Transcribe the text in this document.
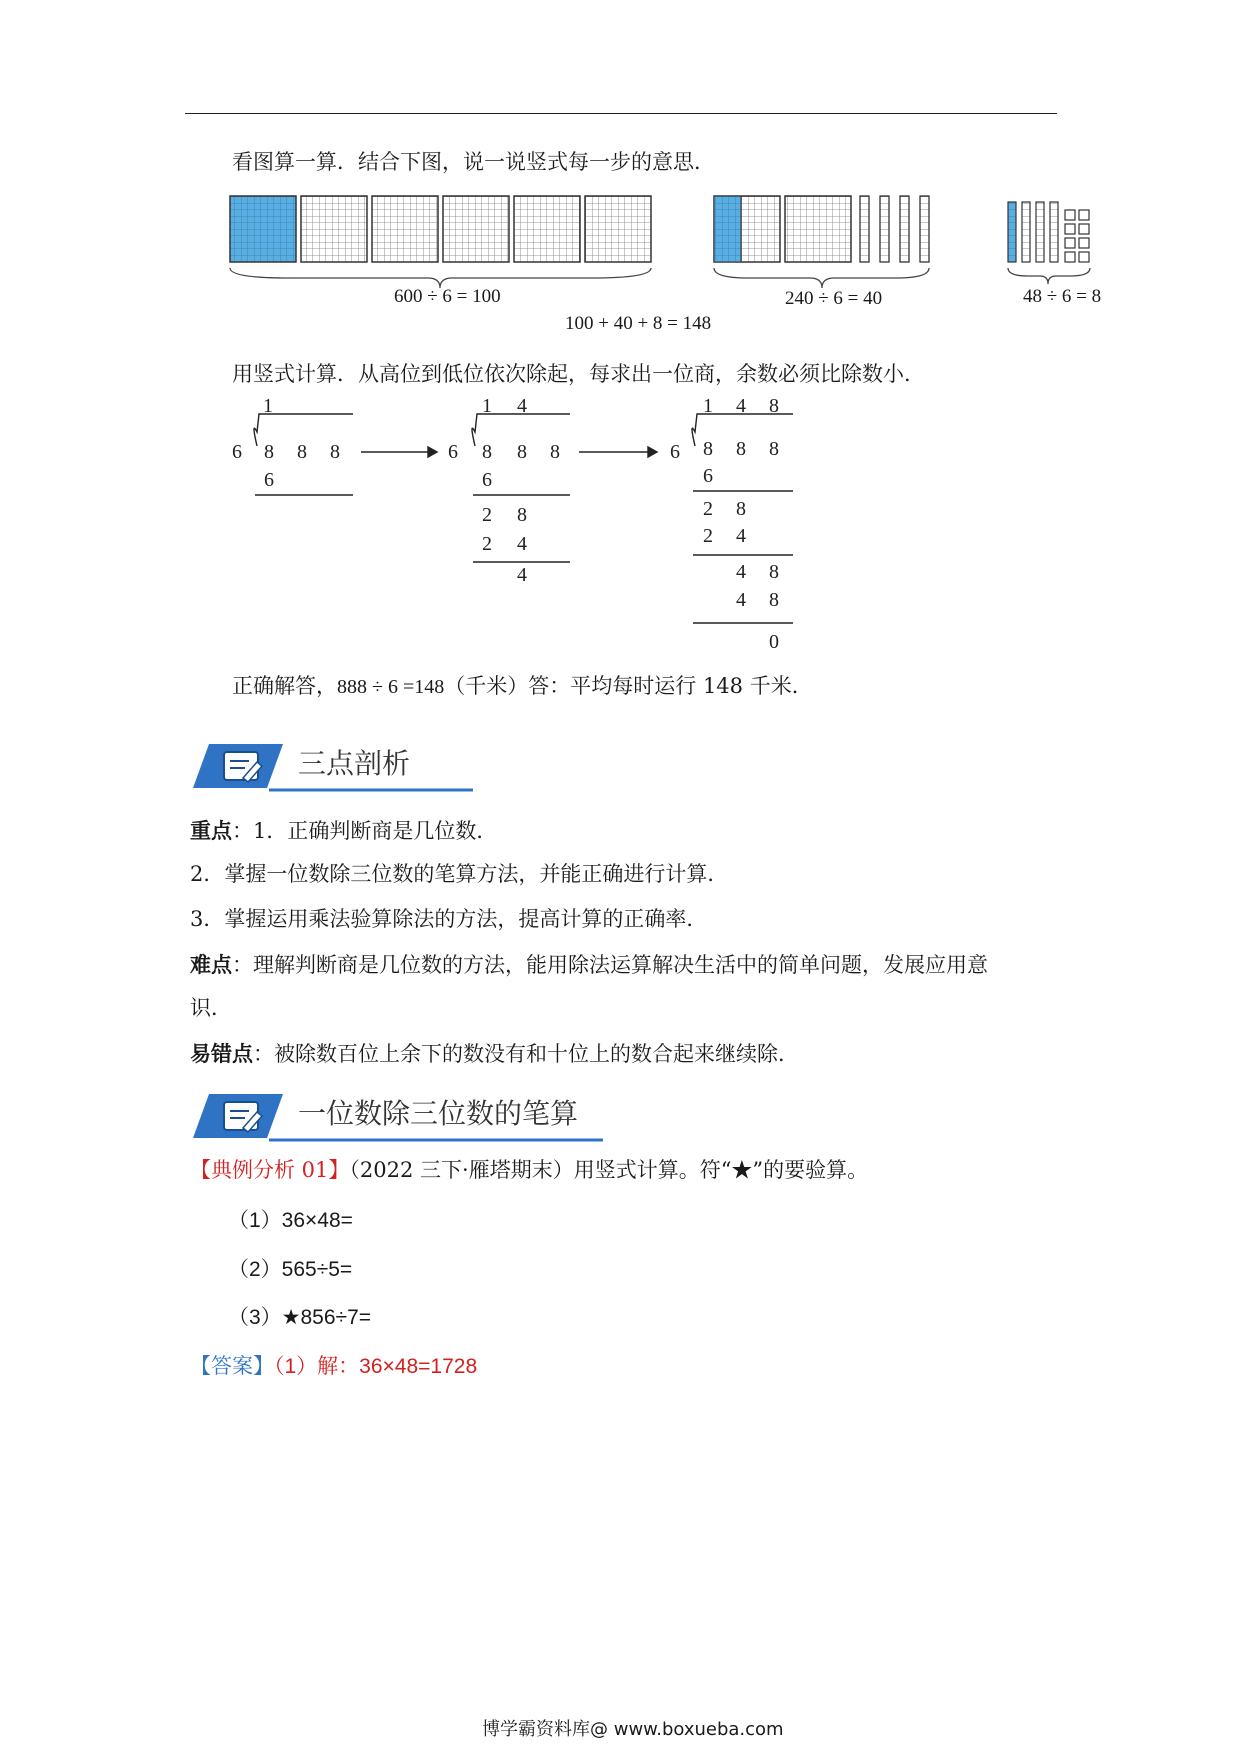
看图算一算．结合下图，说一说竖式每一步的意思．
600 ÷ 6 = 100	240 ÷ 6 = 40	48 ÷ 6 = 8
100 + 40 + 8 = 148
用竖式计算．从高位到低位依次除起，每求出一位商，余数必须比除数小．
1
6 8 8 8
6
1 4
6 8 8 8
6
2 8
2 4
4
1 4 8
6 8 8 8
6
2 8
2 4
4 8
4 8
0
正确解答，888 ÷ 6 =148（千米）答：平均每时运行 148 千米．
三点剖析
重点：1．正确判断商是几位数．
2．掌握一位数除三位数的笔算方法，并能正确进行计算．
3．掌握运用乘法验算除法的方法，提高计算的正确率．
难点：理解判断商是几位数的方法，能用除法运算解决生活中的简单问题，发展应用意
识．
易错点：被除数百位上余下的数没有和十位上的数合起来继续除．
一位数除三位数的笔算
【典例分析 01】（2022 三下·雁塔期末）用竖式计算。符“★”的要验算。
（1）36×48=
（2）565÷5=
（3）★856÷7=
【答案】（1）解：36×48=1728
博学霸资料库@ www.boxueba.com
